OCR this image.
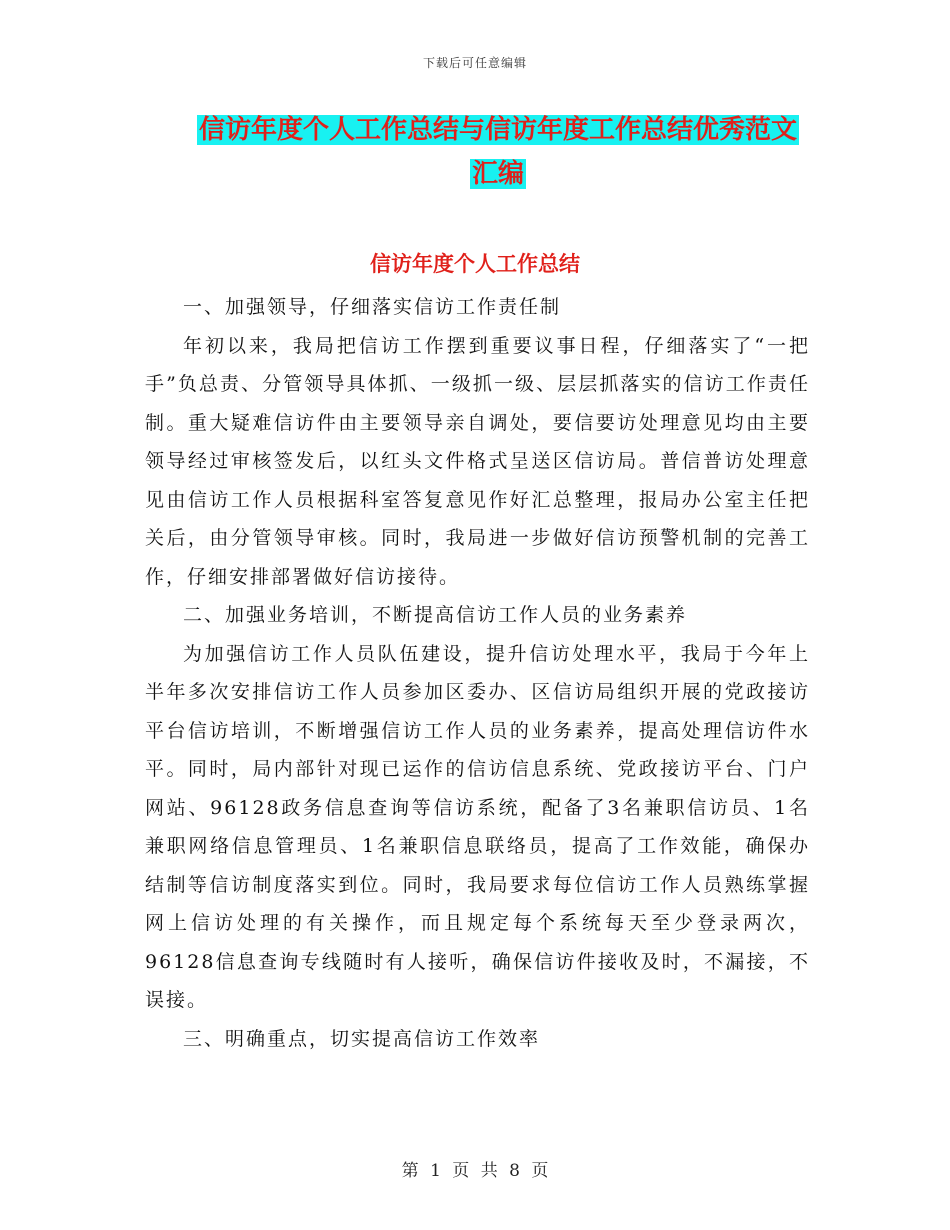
下载后可任意编辑
信访年度个人工作总结与信访年度工作总结优秀范文
汇编
信访年度个人工作总结

一、加强领导，仔细落实信访工作责任制

年初以来，我局把信访工作摆到重要议事日程，仔细落实了“一把手”负总责、分管领导具体抓、一级抓一级、层层抓落实的信访工作责任制。重大疑难信访件由主要领导亲自调处，要信要访处理意见均由主要领导经过审核签发后，以红头文件格式呈送区信访局。普信普访处理意见由信访工作人员根据科室答复意见作好汇总整理，报局办公室主任把关后，由分管领导审核。同时，我局进一步做好信访预警机制的完善工作，仔细安排部署做好信访接待。

二、加强业务培训，不断提高信访工作人员的业务素养

为加强信访工作人员队伍建设，提升信访处理水平，我局于今年上半年多次安排信访工作人员参加区委办、区信访局组织开展的党政接访平台信访培训，不断增强信访工作人员的业务素养，提高处理信访件水平。同时，局内部针对现已运作的信访信息系统、党政接访平台、门户网站、96128政务信息查询等信访系统，配备了3名兼职信访员、1名兼职网络信息管理员、1名兼职信息联络员，提高了工作效能，确保办结制等信访制度落实到位。同时，我局要求每位信访工作人员熟练掌握网上信访处理的有关操作，而且规定每个系统每天至少登录两次，96128信息查询专线随时有人接听，确保信访件接收及时，不漏接，不误接。

三、明确重点，切实提高信访工作效率

第 1 页 共 8 页
